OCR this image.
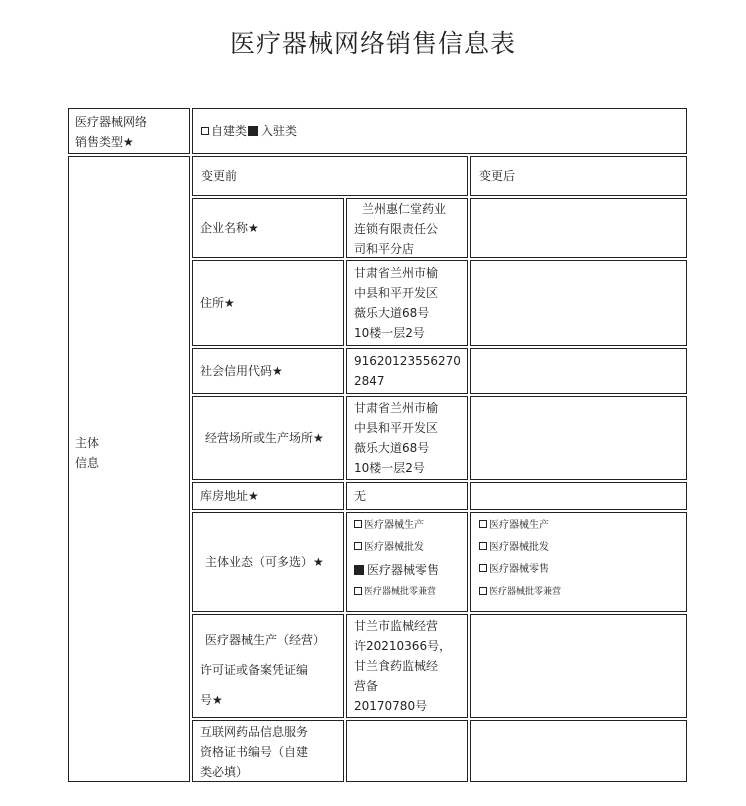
医疗器械网络销售信息表
医疗器械网络
销售类型★
自建类 入驻类
主体
信息
变更前	变更后
企业名称★
兰州惠仁堂药业
连锁有限责任公
司和平分店
住所★
甘肃省兰州市榆
中县和平开发区
薇乐大道68号
10楼一层2号
社会信用代码★
91620123556270
2847
经营场所或生产场所★
甘肃省兰州市榆
中县和平开发区
薇乐大道68号
10楼一层2号
库房地址★	无
主体业态（可多选）★
医疗器械生产
医疗器械批发
医疗器械零售
医疗器械批零兼营
医疗器械生产
医疗器械批发
医疗器械零售
医疗器械批零兼营
医疗器械生产（经营）
许可证或备案凭证编
号★
甘兰市监械经营
许20210366号，
甘兰食药监械经
营备
20170780号
互联网药品信息服务
资格证书编号（自建
类必填）
